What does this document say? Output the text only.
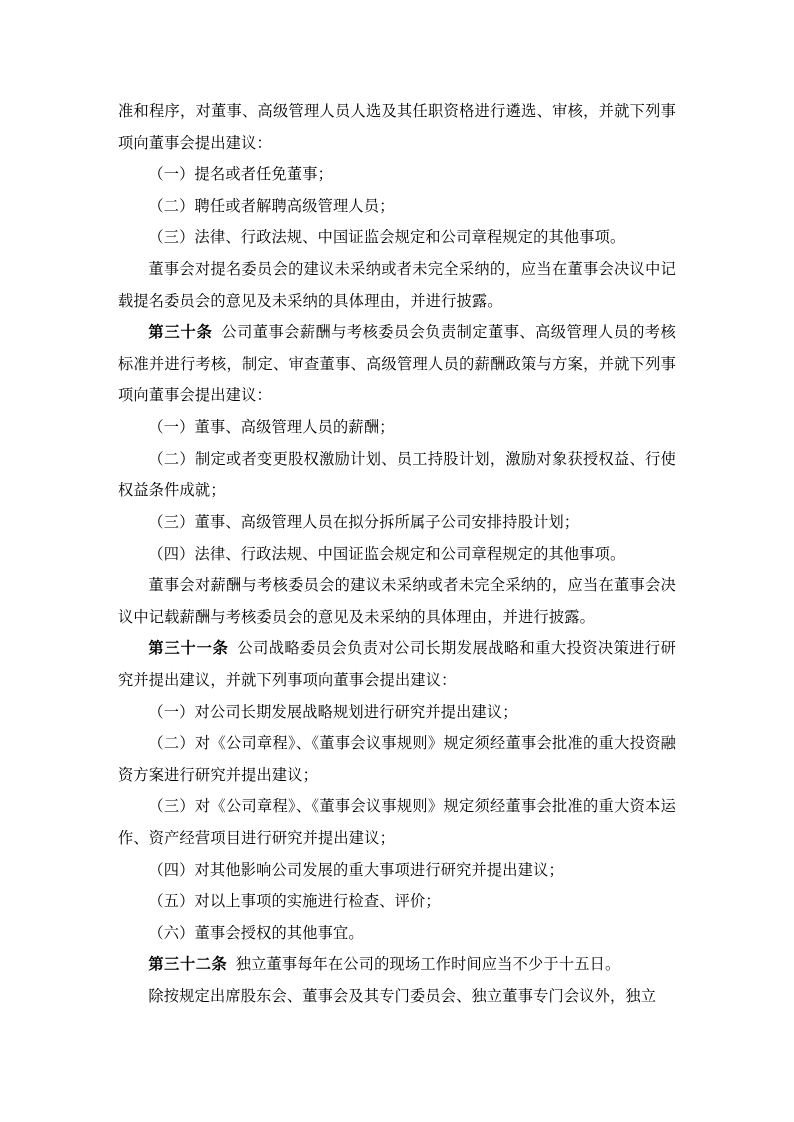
准和程序，对董事、高级管理人员人选及其任职资格进行遴选、审核，并就下列事项向董事会提出建议：

（一）提名或者任免董事；

（二）聘任或者解聘高级管理人员；

（三）法律、行政法规、中国证监会规定和公司章程规定的其他事项。

董事会对提名委员会的建议未采纳或者未完全采纳的，应当在董事会决议中记载提名委员会的意见及未采纳的具体理由，并进行披露。

第三十条 公司董事会薪酬与考核委员会负责制定董事、高级管理人员的考核标准并进行考核，制定、审查董事、高级管理人员的薪酬政策与方案，并就下列事项向董事会提出建议：

（一）董事、高级管理人员的薪酬；

（二）制定或者变更股权激励计划、员工持股计划，激励对象获授权益、行使权益条件成就；

（三）董事、高级管理人员在拟分拆所属子公司安排持股计划；

（四）法律、行政法规、中国证监会规定和公司章程规定的其他事项。

董事会对薪酬与考核委员会的建议未采纳或者未完全采纳的，应当在董事会决议中记载薪酬与考核委员会的意见及未采纳的具体理由，并进行披露。

第三十一条 公司战略委员会负责对公司长期发展战略和重大投资决策进行研究并提出建议，并就下列事项向董事会提出建议：

（一）对公司长期发展战略规划进行研究并提出建议；

（二）对《公司章程》、《董事会议事规则》规定须经董事会批准的重大投资融资方案进行研究并提出建议；

（三）对《公司章程》、《董事会议事规则》规定须经董事会批准的重大资本运作、资产经营项目进行研究并提出建议；

（四）对其他影响公司发展的重大事项进行研究并提出建议；

（五）对以上事项的实施进行检查、评价；

（六）董事会授权的其他事宜。

第三十二条 独立董事每年在公司的现场工作时间应当不少于十五日。

除按规定出席股东会、董事会及其专门委员会、独立董事专门会议外，独立
